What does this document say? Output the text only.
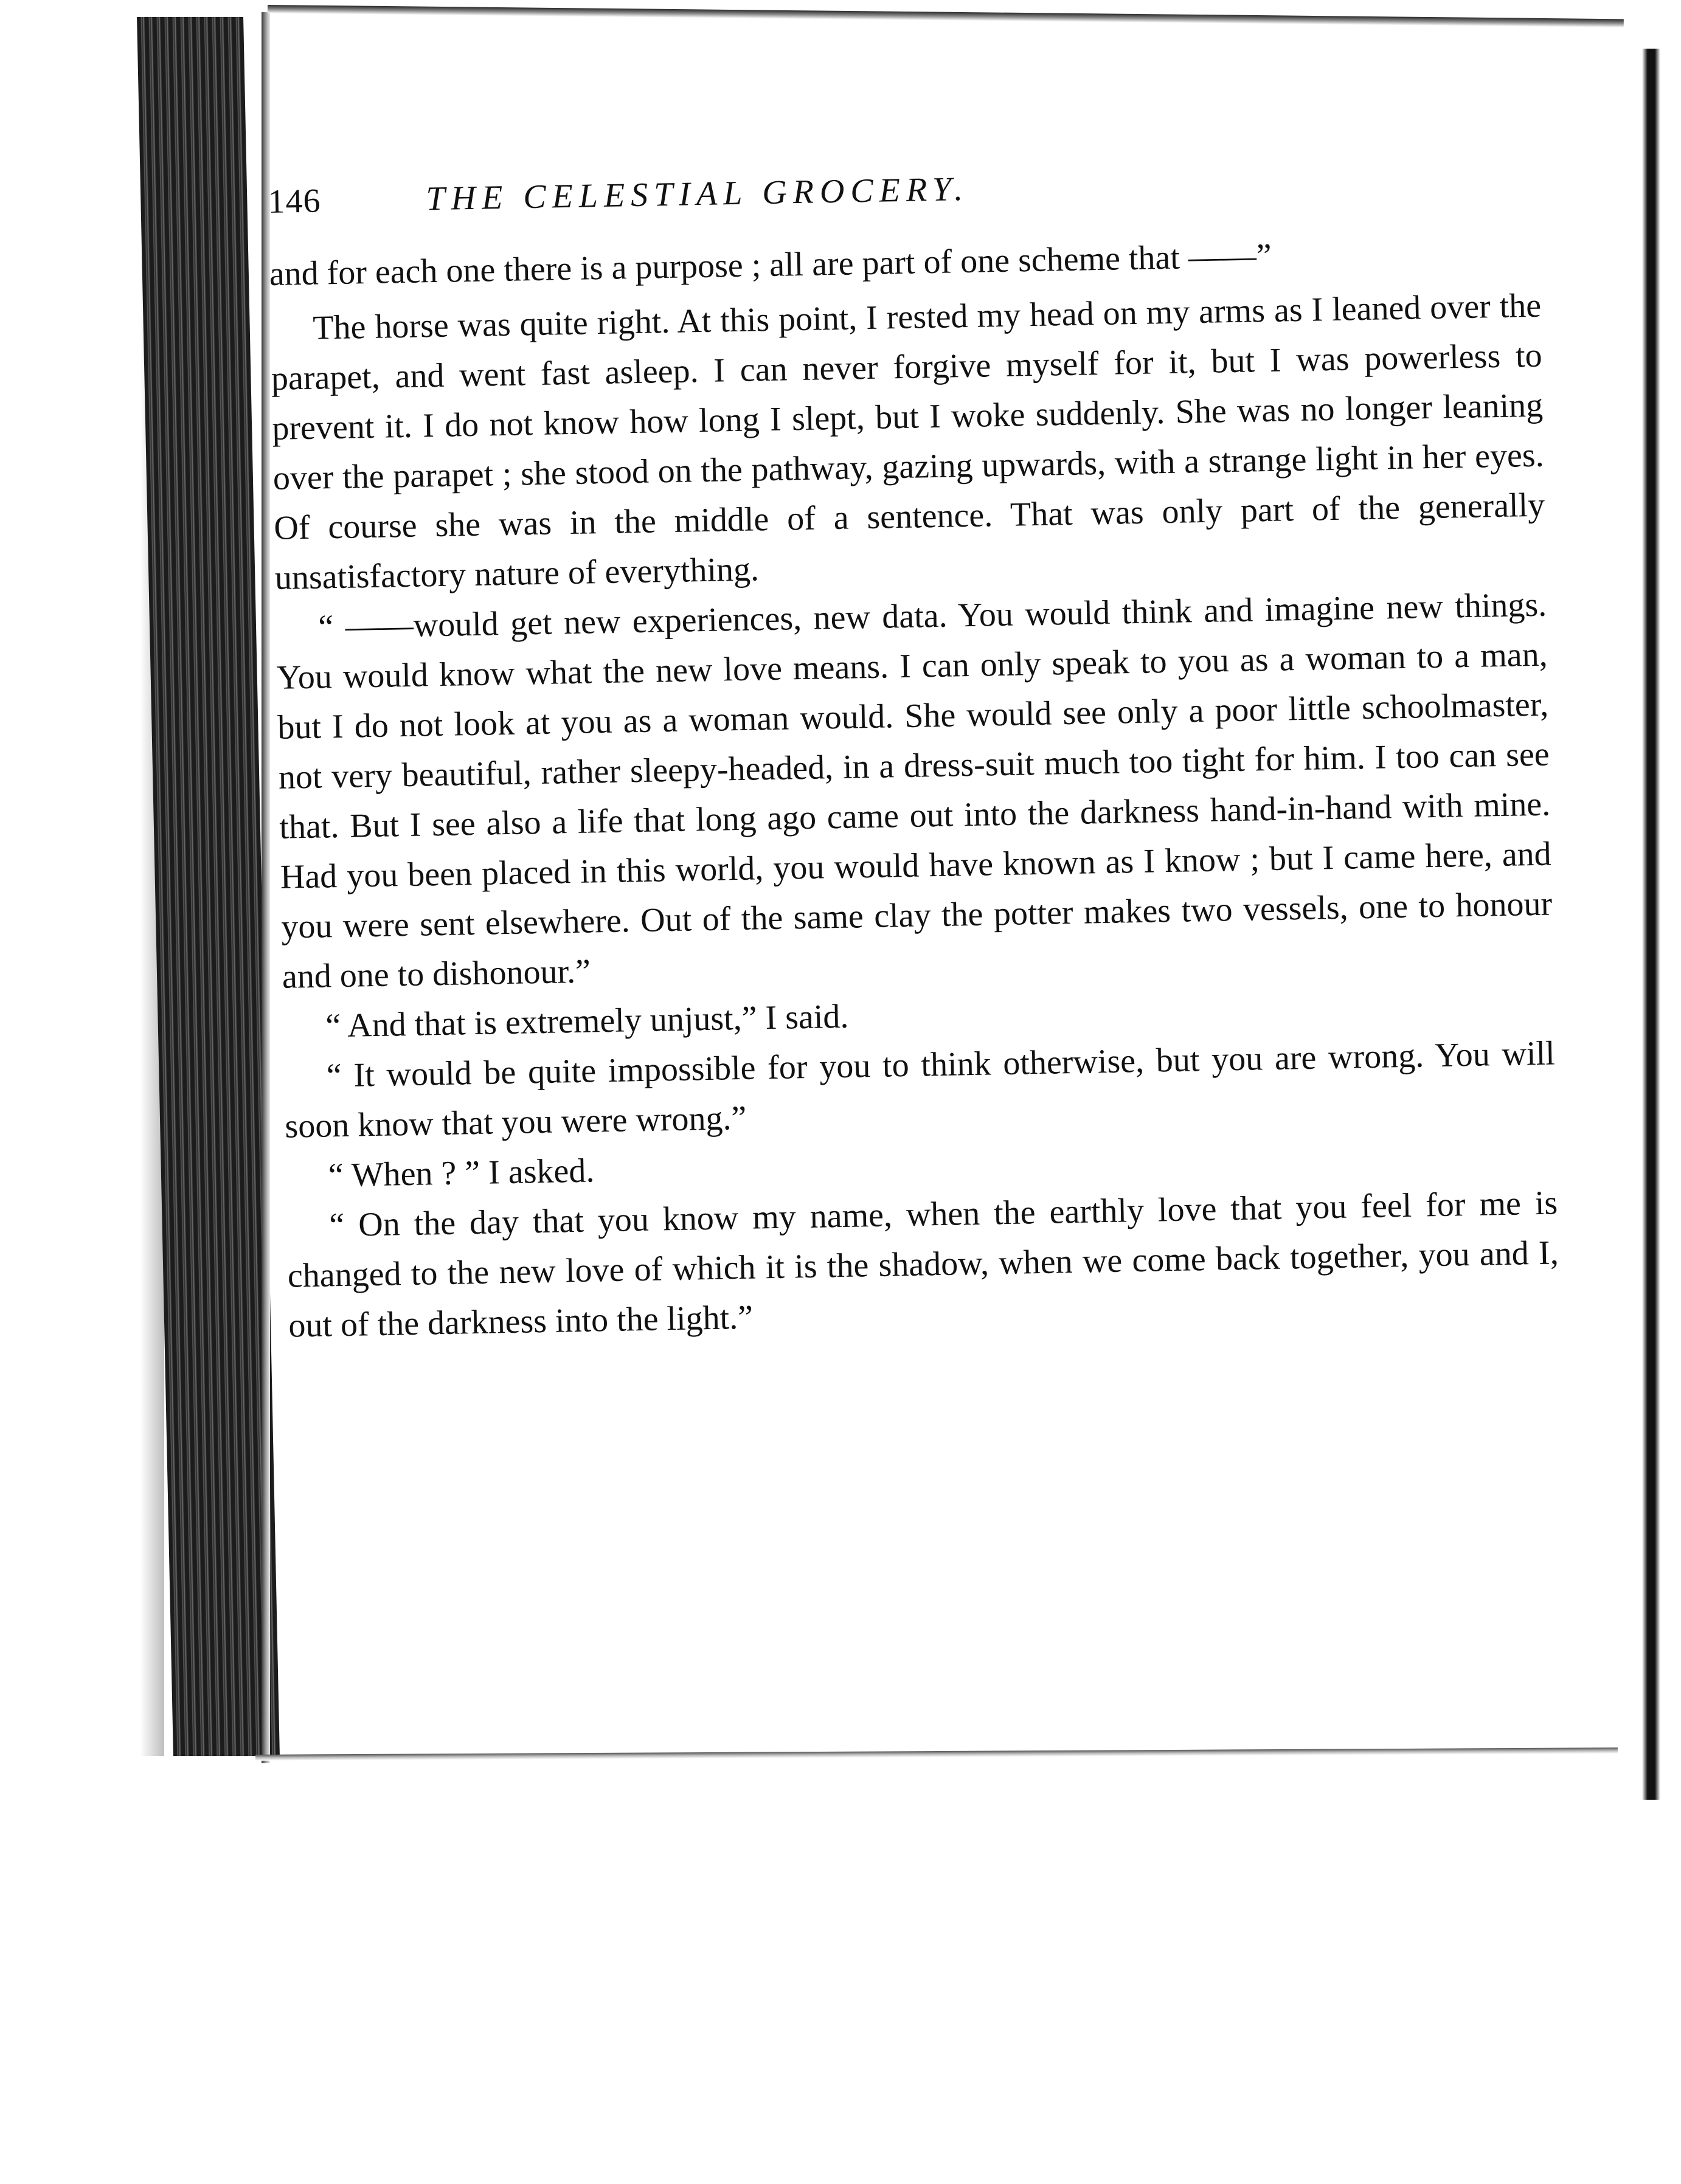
146	THE CELESTIAL GROCERY.

and for each one there is a purpose ; all are part of one scheme that ——”

The horse was quite right. At this point, I rested my head on my arms as I leaned over the parapet, and went fast asleep. I can never forgive myself for it, but I was powerless to prevent it. I do not know how long I slept, but I woke suddenly. She was no longer leaning over the parapet ; she stood on the pathway, gazing upwards, with a strange light in her eyes. Of course she was in the middle of a sentence. That was only part of the generally unsatisfactory nature of everything.

“ ——would get new experiences, new data. You would think and imagine new things. You would know what the new love means. I can only speak to you as a woman to a man, but I do not look at you as a woman would. She would see only a poor little schoolmaster, not very beautiful, rather sleepy-headed, in a dress-suit much too tight for him. I too can see that. But I see also a life that long ago came out into the darkness hand-in-hand with mine. Had you been placed in this world, you would have known as I know ; but I came here, and you were sent elsewhere. Out of the same clay the potter makes two vessels, one to honour and one to dishonour.”

“ And that is extremely unjust,” I said.

“ It would be quite impossible for you to think otherwise, but you are wrong. You will soon know that you were wrong.”

“ When ? ” I asked.

“ On the day that you know my name, when the earthly love that you feel for me is changed to the new love of which it is the shadow, when we come back together, you and I, out of the darkness into the light.”
